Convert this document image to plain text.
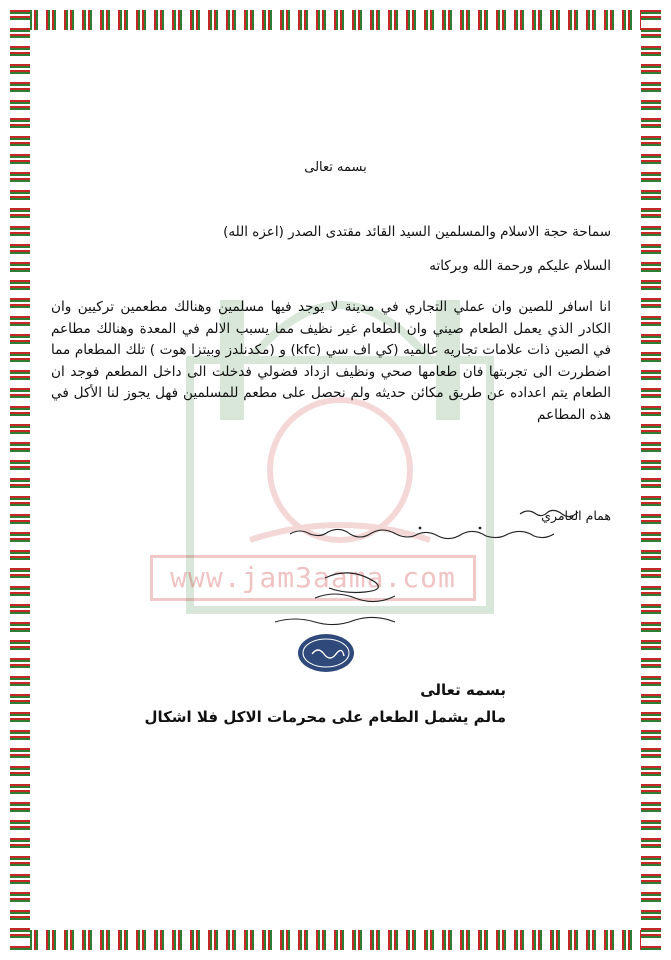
www.jam3aama.com
بسمه تعالى
سماحة حجة الاسلام والمسلمين السيد القائد مقتدى الصدر (اعزه الله)
السلام عليكم ورحمة الله وبركاته
انا اسافر للصين وان عملي التجاري في مدينة لا يوجد فيها مسلمين وهنالك مطعمين تركيين وان الكادر الذي يعمل الطعام صيني وان الطعام غير نظيف مما يسبب الالم في المعدة وهنالك مطاعم في الصين ذات علامات تجاريه عالميه (كي اف سي (kfc) و (مكدنلدز وبيتزا هوت ) تلك المطعام مما اضطررت الى تجربتها فان طعامها صحي ونظيف ازداد فضولي فدخلت الى داخل المطعم فوجد ان الطعام يتم اعداده عن طريق مكائن حديثه ولم نحصل على مطعم للمسلمين فهل يجوز لنا الأكل في هذه المطاعم
همام العامري
بسمه تعالى
مالم يشمل الطعام على محرمات الاكل فلا اشكال
